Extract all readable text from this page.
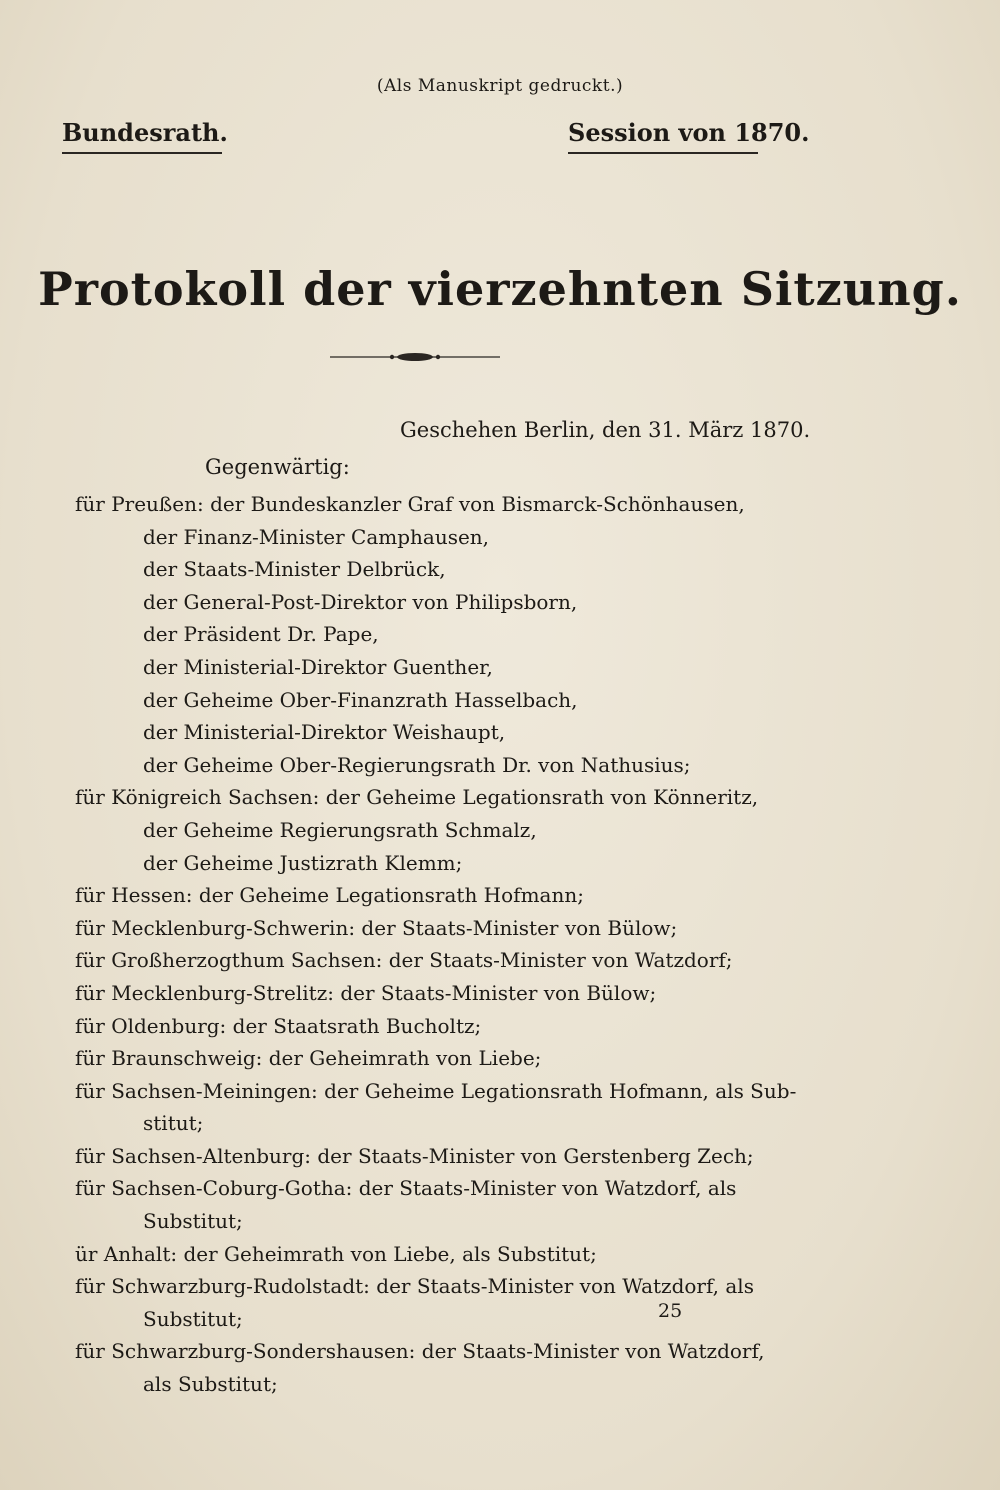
(Als Manuskript gedruckt.)
Bundesrath.	Session von 1870.
Protokoll der vierzehnten Sitzung.
Geschehen Berlin, den 31. März 1870.
Gegenwärtig:
für Preußen: der Bundeskanzler Graf von Bismarck-Schönhausen,
der Finanz-Minister Camphausen,
der Staats-Minister Delbrück,
der General-Post-Direktor von Philipsborn,
der Präsident Dr. Pape,
der Ministerial-Direktor Guenther,
der Geheime Ober-Finanzrath Hasselbach,
der Ministerial-Direktor Weishaupt,
der Geheime Ober-Regierungsrath Dr. von Nathusius;
für Königreich Sachsen: der Geheime Legationsrath von Könneritz,
der Geheime Regierungsrath Schmalz,
der Geheime Justizrath Klemm;
für Hessen: der Geheime Legationsrath Hofmann;
für Mecklenburg-Schwerin: der Staats-Minister von Bülow;
für Großherzogthum Sachsen: der Staats-Minister von Watzdorf;
für Mecklenburg-Strelitz: der Staats-Minister von Bülow;
für Oldenburg: der Staatsrath Bucholtz;
für Braunschweig: der Geheimrath von Liebe;
für Sachsen-Meiningen: der Geheime Legationsrath Hofmann, als Sub-
stitut;
für Sachsen-Altenburg: der Staats-Minister von Gerstenberg Zech;
für Sachsen-Coburg-Gotha: der Staats-Minister von Watzdorf, als
Substitut;
ür Anhalt: der Geheimrath von Liebe, als Substitut;
für Schwarzburg-Rudolstadt: der Staats-Minister von Watzdorf, als
Substitut;
für Schwarzburg-Sondershausen: der Staats-Minister von Watzdorf,
als Substitut;
25
